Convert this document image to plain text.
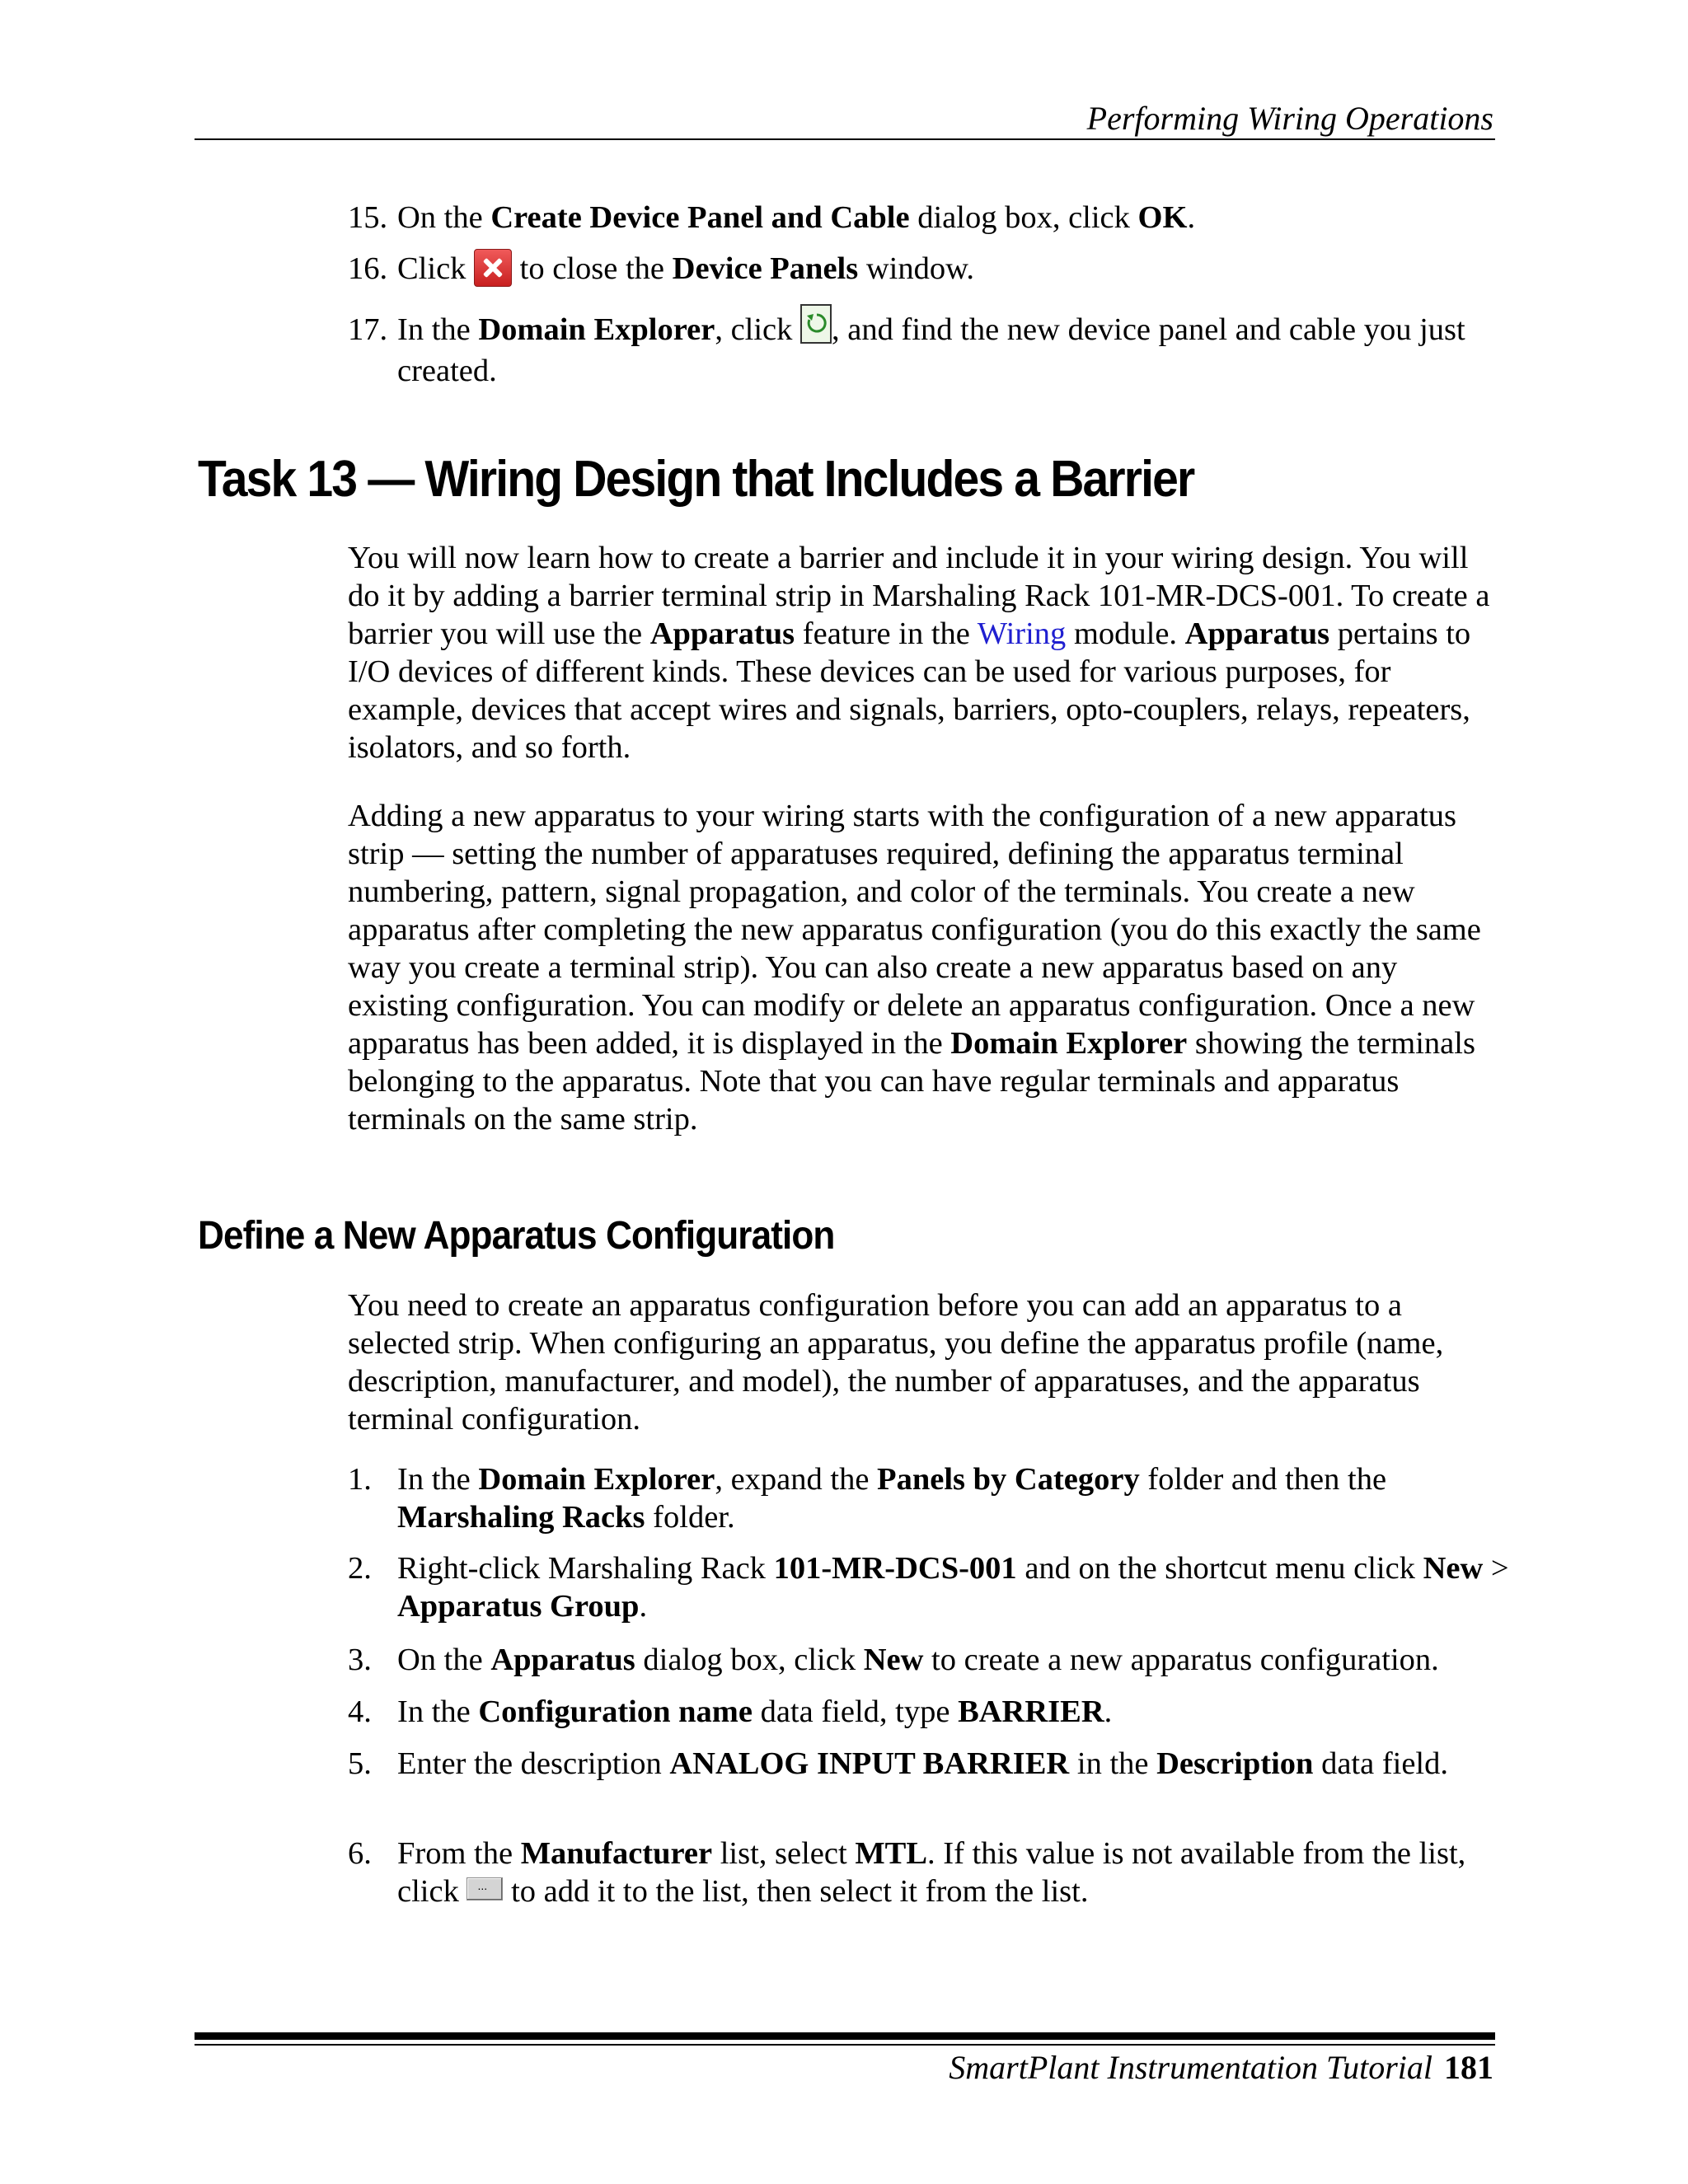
Performing Wiring Operations
15. On the Create Device Panel and Cable dialog box, click OK.
16. Click  to close the Device Panels window.
17. In the Domain Explorer, click
, and find the new device panel and cable you just created.
Task 13 — Wiring Design that Includes a Barrier
You will now learn how to create a barrier and include it in your wiring design. You will do it by adding a barrier terminal strip in Marshaling Rack 101-MR-DCS-001. To create a barrier you will use the Apparatus feature in the Wiring module. Apparatus pertains to I/O devices of different kinds. These devices can be used for various purposes, for example, devices that accept wires and signals, barriers, opto-couplers, relays, repeaters, isolators, and so forth.
Adding a new apparatus to your wiring starts with the configuration of a new apparatus strip — setting the number of apparatuses required, defining the apparatus terminal numbering, pattern, signal propagation, and color of the terminals. You create a new apparatus after completing the new apparatus configuration (you do this exactly the same way you create a terminal strip). You can also create a new apparatus based on any existing configuration. You can modify or delete an apparatus configuration. Once a new apparatus has been added, it is displayed in the Domain Explorer showing the terminals belonging to the apparatus. Note that you can have regular terminals and apparatus terminals on the same strip.
Define a New Apparatus Configuration
You need to create an apparatus configuration before you can add an apparatus to a selected strip. When configuring an apparatus, you define the apparatus profile (name, description, manufacturer, and model), the number of apparatuses, and the apparatus terminal configuration.
1. In the Domain Explorer, expand the Panels by Category folder and then the Marshaling Racks folder.
2. Right-click Marshaling Rack 101-MR-DCS-001 and on the shortcut menu click New > Apparatus Group.
3. On the Apparatus dialog box, click New to create a new apparatus configuration.
4. In the Configuration name data field, type BARRIER.
5. Enter the description ANALOG INPUT BARRIER in the Description data field.
6. From the Manufacturer list, select MTL. If this value is not available from the list, click ... to add it to the list, then select it from the list.
SmartPlant Instrumentation Tutorial 181
